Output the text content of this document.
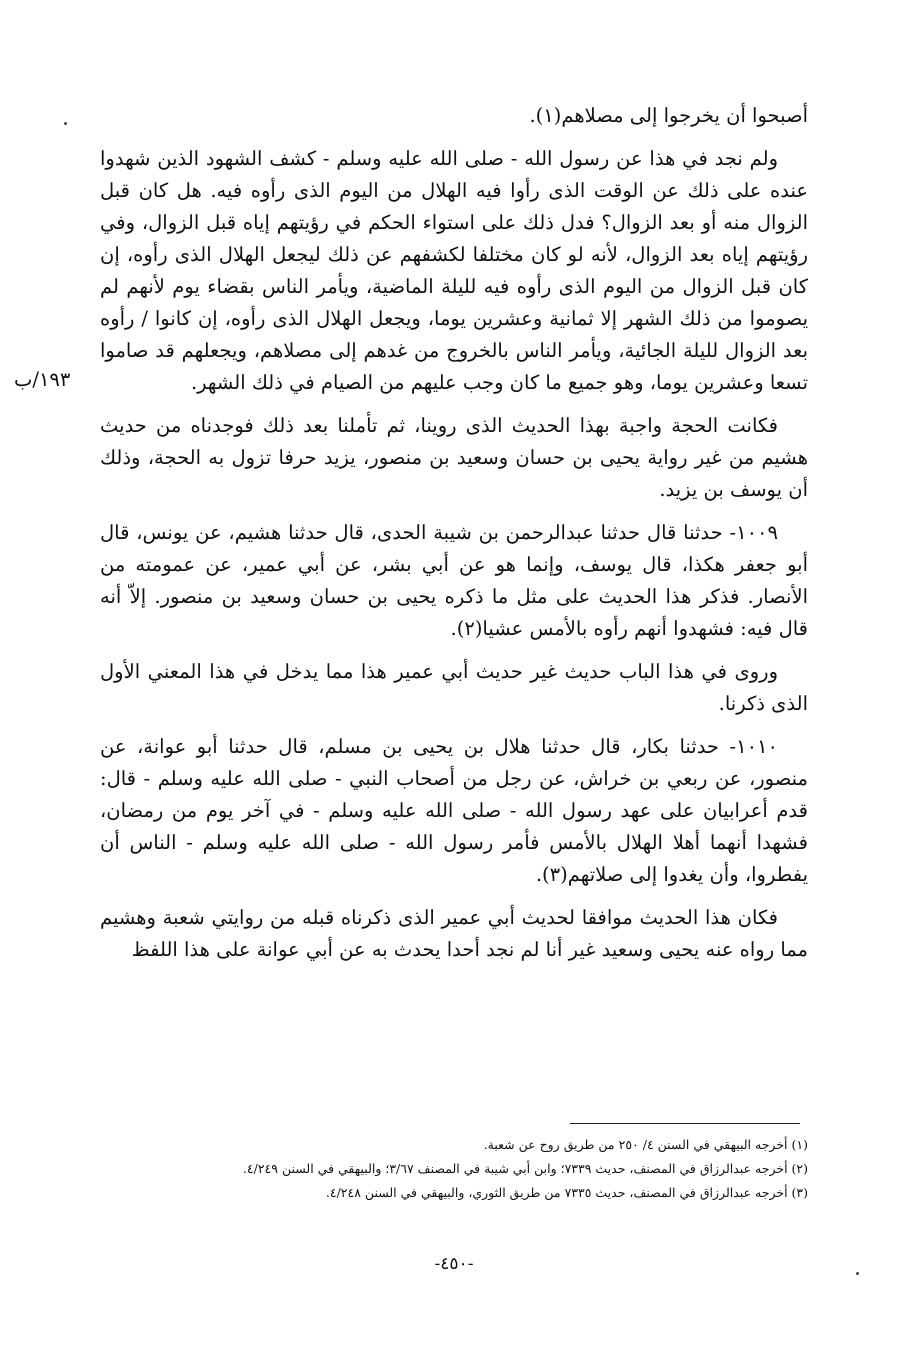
أصبحوا أن يخرجوا إلى مصلاهم(١).

ولم نجد في هذا عن رسول الله - صلى الله عليه وسلم - كشف الشهود الذين شهدوا عنده على ذلك عن الوقت الذى رأوا فيه الهلال من اليوم الذى رأوه فيه. هل كان قبل الزوال منه أو بعد الزوال؟ فدل ذلك على استواء الحكم في رؤيتهم إياه قبل الزوال، وفي رؤيتهم إياه بعد الزوال، لأنه لو كان مختلفا لكشفهم عن ذلك ليجعل الهلال الذى رأوه، إن كان قبل الزوال من اليوم الذى رأوه فيه لليلة الماضية، ويأمر الناس بقضاء يوم لأنهم لم يصوموا من ذلك الشهر إلا ثمانية وعشرين يوما، ويجعل الهلال الذى رأوه، إن كانوا / رأوه بعد الزوال لليلة الجائية، ويأمر الناس بالخروج من غدهم إلى مصلاهم، ويجعلهم قد صاموا تسعا وعشرين يوما، وهو جميع ما كان وجب عليهم من الصيام في ذلك الشهر.

فكانت الحجة واجبة بهذا الحديث الذى روينا، ثم تأملنا بعد ذلك فوجدناه من حديث هشيم من غير رواية يحيى بن حسان وسعيد بن منصور، يزيد حرفا تزول به الحجة، وذلك أن يوسف بن يزيد.

١٠٠٩- حدثنا قال حدثنا عبدالرحمن بن شيبة الحدى، قال حدثنا هشيم، عن يونس، قال أبو جعفر هكذا، قال يوسف، وإنما هو عن أبي بشر، عن أبي عمير، عن عمومته من الأنصار. فذكر هذا الحديث على مثل ما ذكره يحيى بن حسان وسعيد بن منصور. إلاّ أنه قال فيه: فشهدوا أنهم رأوه بالأمس عشيا(٢).

وروى في هذا الباب حديث غير حديث أبي عمير هذا مما يدخل في هذا المعني الأول الذى ذكرنا.

١٠١٠- حدثنا بكار، قال حدثنا هلال بن يحيى بن مسلم، قال حدثنا أبو عوانة، عن منصور، عن ربعي بن خراش، عن رجل من أصحاب النبي - صلى الله عليه وسلم - قال: قدم أعرابيان على عهد رسول الله - صلى الله عليه وسلم - في آخر يوم من رمضان، فشهدا أنهما أهلا الهلال بالأمس فأمر رسول الله - صلى الله عليه وسلم - الناس أن يفطروا، وأن يغدوا إلى صلاتهم(٣).

فكان هذا الحديث موافقا لحديث أبي عمير الذى ذكرناه قبله من روايتي شعبة وهشيم مما رواه عنه يحيى وسعيد غير أنا لم نجد أحدا يحدث به عن أبي عوانة على هذا اللفظ

١٩٣/ب
(١) أخرجه البيهقي في السنن ٤/ ٢٥٠ من طريق روح عن شعبة.
(٢) أخرجه عبدالرزاق في المصنف، حديث ٧٣٣٩؛ وابن أبي شيبة في المصنف ٣/٦٧؛ والبيهقي في السنن ٤/٢٤٩.
(٣) أخرجه عبدالرزاق في المصنف، حديث ٧٣٣٥ من طريق الثوري، والبيهقي في السنن ٤/٢٤٨.
-٤٥٠-
